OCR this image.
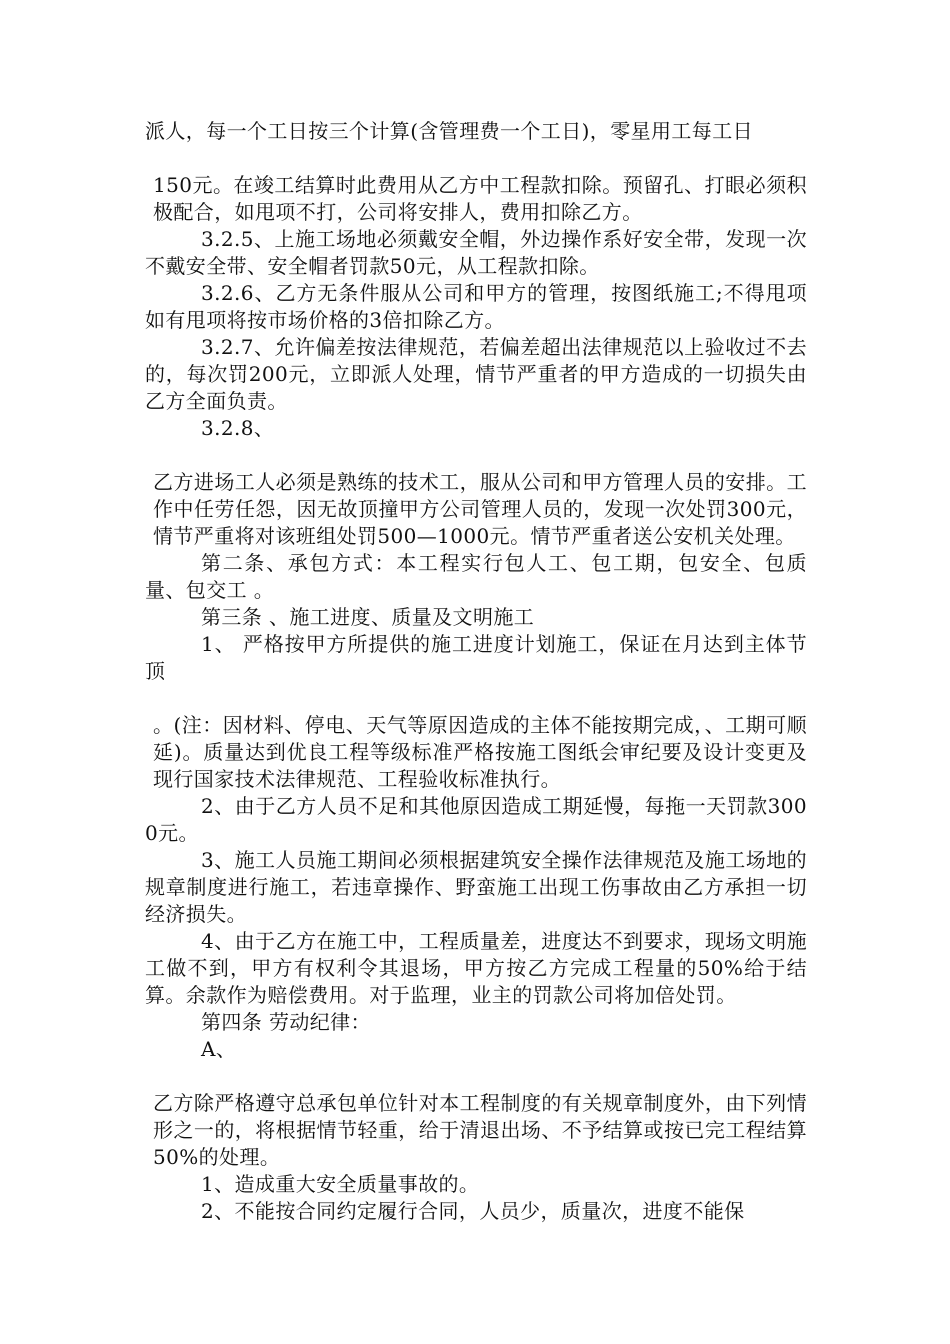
派人，每一个工日按三个计算(含管理费一个工日)，零星用工每工日

150元。在竣工结算时此费用从乙方中工程款扣除。预留孔、打眼必须积极配合，如甩项不打，公司将安排人，费用扣除乙方。

3.2.5、上施工场地必须戴安全帽，外边操作系好安全带，发现一次不戴安全带、安全帽者罚款50元，从工程款扣除。

3.2.6、乙方无条件服从公司和甲方的管理，按图纸施工;不得甩项如有甩项将按市场价格的3倍扣除乙方。

3.2.7、允许偏差按法律规范，若偏差超出法律规范以上验收过不去的，每次罚200元，立即派人处理，情节严重者的甲方造成的一切损失由乙方全面负责。

3.2.8、

乙方进场工人必须是熟练的技术工，服从公司和甲方管理人员的安排。工作中任劳任怨，因无故顶撞甲方公司管理人员的，发现一次处罚300元，情节严重将对该班组处罚500—1000元。情节严重者送公安机关处理。

第二条、承包方式：本工程实行包人工、包工期，包安全、包质量、包交工 。

第三条 、施工进度、质量及文明施工

1、 严格按甲方所提供的施工进度计划施工，保证在月达到主体节顶

。(注：因材料、停电、天气等原因造成的主体不能按期完成，、工期可顺延)。质量达到优良工程等级标准严格按施工图纸会审纪要及设计变更及现行国家技术法律规范、工程验收标准执行。

2、由于乙方人员不足和其他原因造成工期延慢，每拖一天罚款3000元。

3、施工人员施工期间必须根据建筑安全操作法律规范及施工场地的规章制度进行施工，若违章操作、野蛮施工出现工伤事故由乙方承担一切经济损失。

4、由于乙方在施工中，工程质量差，进度达不到要求，现场文明施工做不到，甲方有权利令其退场，甲方按乙方完成工程量的50%给于结算。余款作为赔偿费用。对于监理，业主的罚款公司将加倍处罚。

第四条 劳动纪律：

A、

乙方除严格遵守总承包单位针对本工程制度的有关规章制度外，由下列情形之一的，将根据情节轻重，给于清退出场、不予结算或按已完工程结算50%的处理。

1、造成重大安全质量事故的。

2、不能按合同约定履行合同，人员少，质量次，进度不能保
